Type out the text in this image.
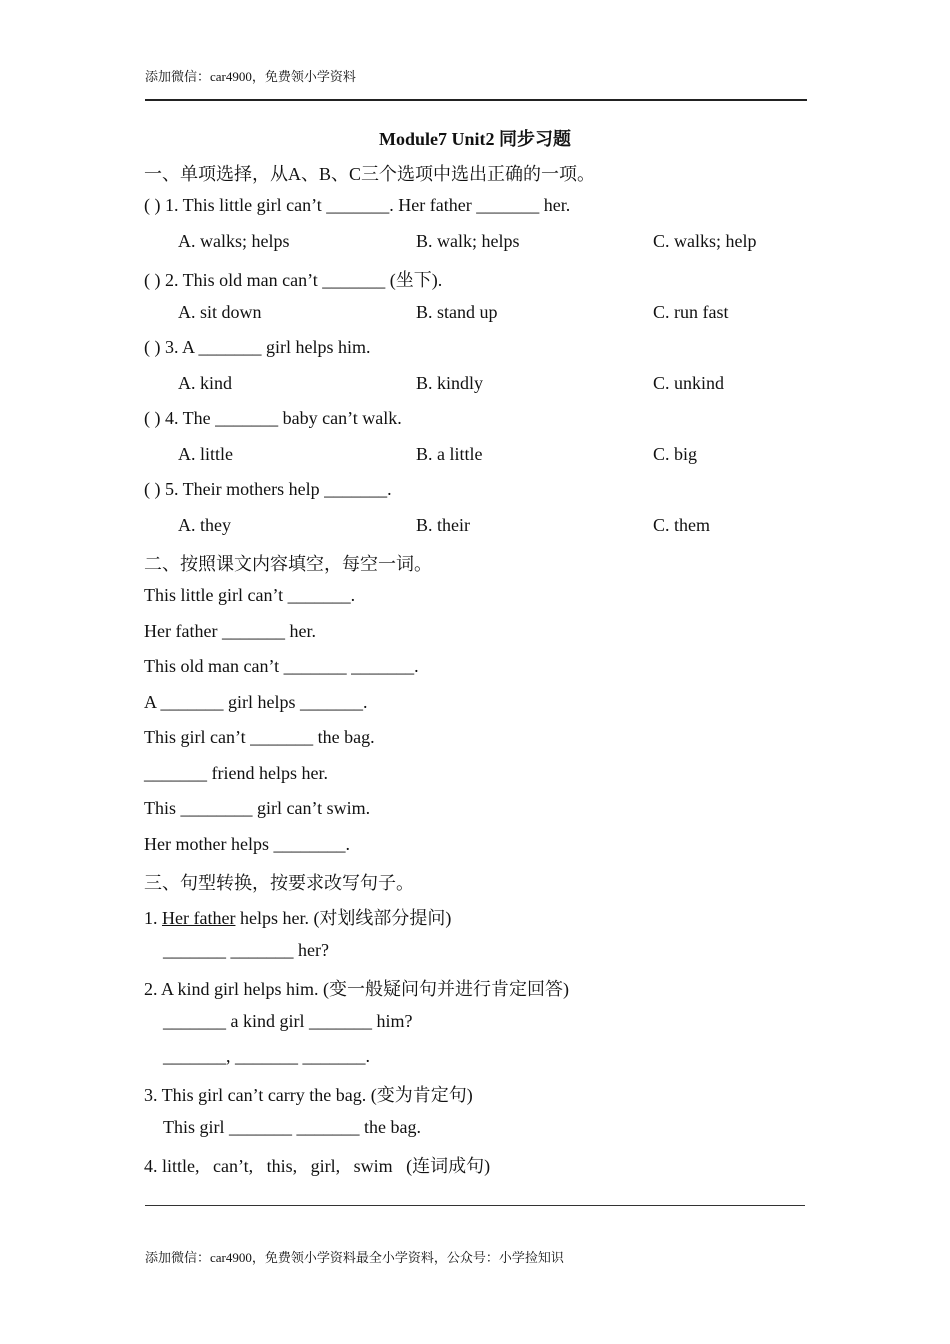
添加微信：car4900，免费领小学资料
Module7 Unit2 同步习题
一、单项选择，从A、B、C三个选项中选出正确的一项。
( ) 1. This little girl can’t _______. Her father _______ her.
A. walks; helps	B. walk; helps	C. walks; help
( ) 2. This old man can’t _______ (坐下).
A. sit down	B. stand up	C. run fast
( ) 3. A _______ girl helps him.
A. kind	B. kindly	C. unkind
( ) 4. The _______ baby can’t walk.
A. little	B. a little	C. big
( ) 5. Their mothers help _______.
A. they	B. their	C. them
二、按照课文内容填空，每空一词。
This little girl can’t _______.
Her father _______ her.
This old man can’t _______ _______.
A _______ girl helps _______.
This girl can’t _______ the bag.
_______ friend helps her.
This ________ girl can’t swim.
Her mother helps ________.
三、句型转换，按要求改写句子。
1. Her father helps her. (对划线部分提问)
_______ _______ her?
2. A kind girl helps him. (变一般疑问句并进行肯定回答)
_______ a kind girl _______ him?
_______, _______ _______.
3. This girl can’t carry the bag. (变为肯定句)
This girl _______ _______ the bag.
4. little,   can’t,   this,   girl,   swim   (连词成句)
添加微信：car4900，免费领小学资料最全小学资料，公众号：小学捡知识
